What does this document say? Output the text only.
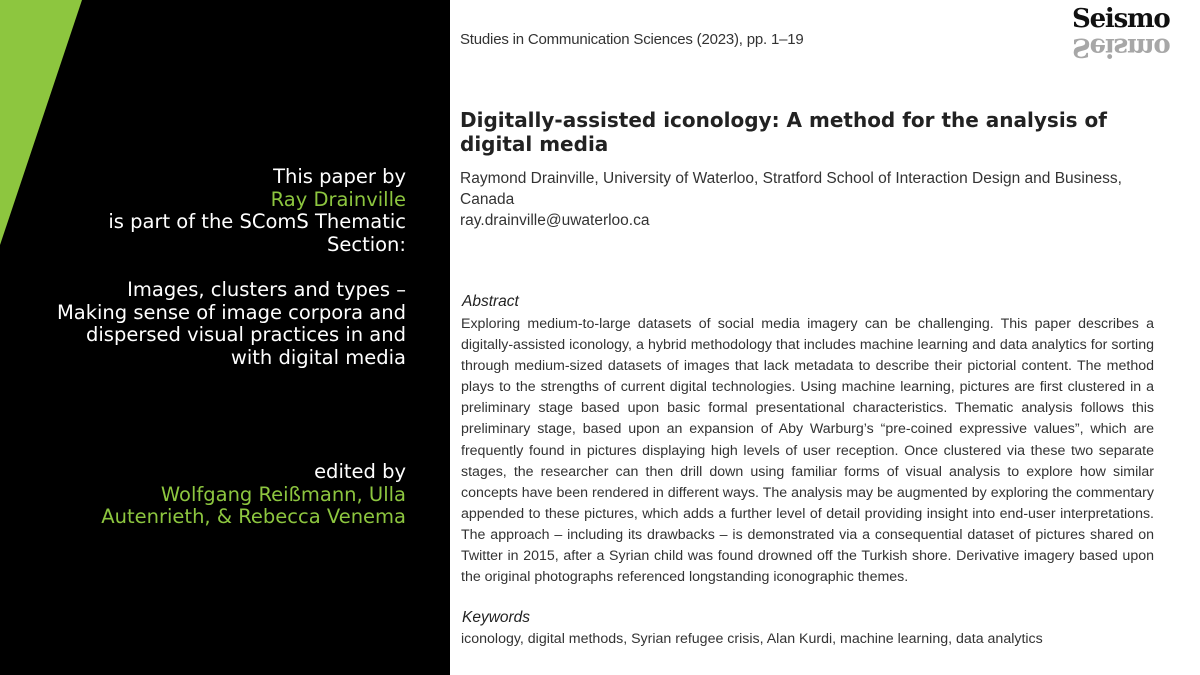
This paper by
Ray Drainville
is part of the SComS Thematic
Section:
Images, clusters and types –
Making sense of image corpora and
dispersed visual practices in and
with digital media
edited by
Wolfgang Reißmann, Ulla
Autenrieth, & Rebecca Venema
Studies in Communication Sciences (2023), pp. 1–19
Seismo
Seismo
Digitally-assisted iconology: A method for the analysis of digital media
Raymond Drainville, University of Waterloo, Stratford School of Interaction Design and Business, Canada
ray.drainville@uwaterloo.ca
Abstract
Exploring medium-to-large datasets of social media imagery can be challenging. This paper describes a digitally-assisted iconology, a hybrid methodology that includes machine learning and data analytics for sorting through medium-sized datasets of images that lack metadata to describe their pictorial content. The method plays to the strengths of current digital technologies. Using machine learning, pictures are first clustered in a preliminary stage based upon basic formal presentational characteristics. Thematic analysis follows this preliminary stage, based upon an expansion of Aby Warburg’s “pre-coined expressive values”, which are frequently found in pictures displaying high levels of user reception. Once clustered via these two separate stages, the researcher can then drill down using familiar forms of visual analysis to explore how similar concepts have been rendered in different ways. The analysis may be augmented by exploring the commentary appended to these pictures, which adds a further level of detail providing insight into end-user interpretations. The approach – including its drawbacks – is demonstrated via a consequential dataset of pictures shared on Twitter in 2015, after a Syrian child was found drowned off the Turkish shore. Derivative imagery based upon the original photographs referenced longstanding iconographic themes.
Keywords
iconology, digital methods, Syrian refugee crisis, Alan Kurdi, machine learning, data analytics
